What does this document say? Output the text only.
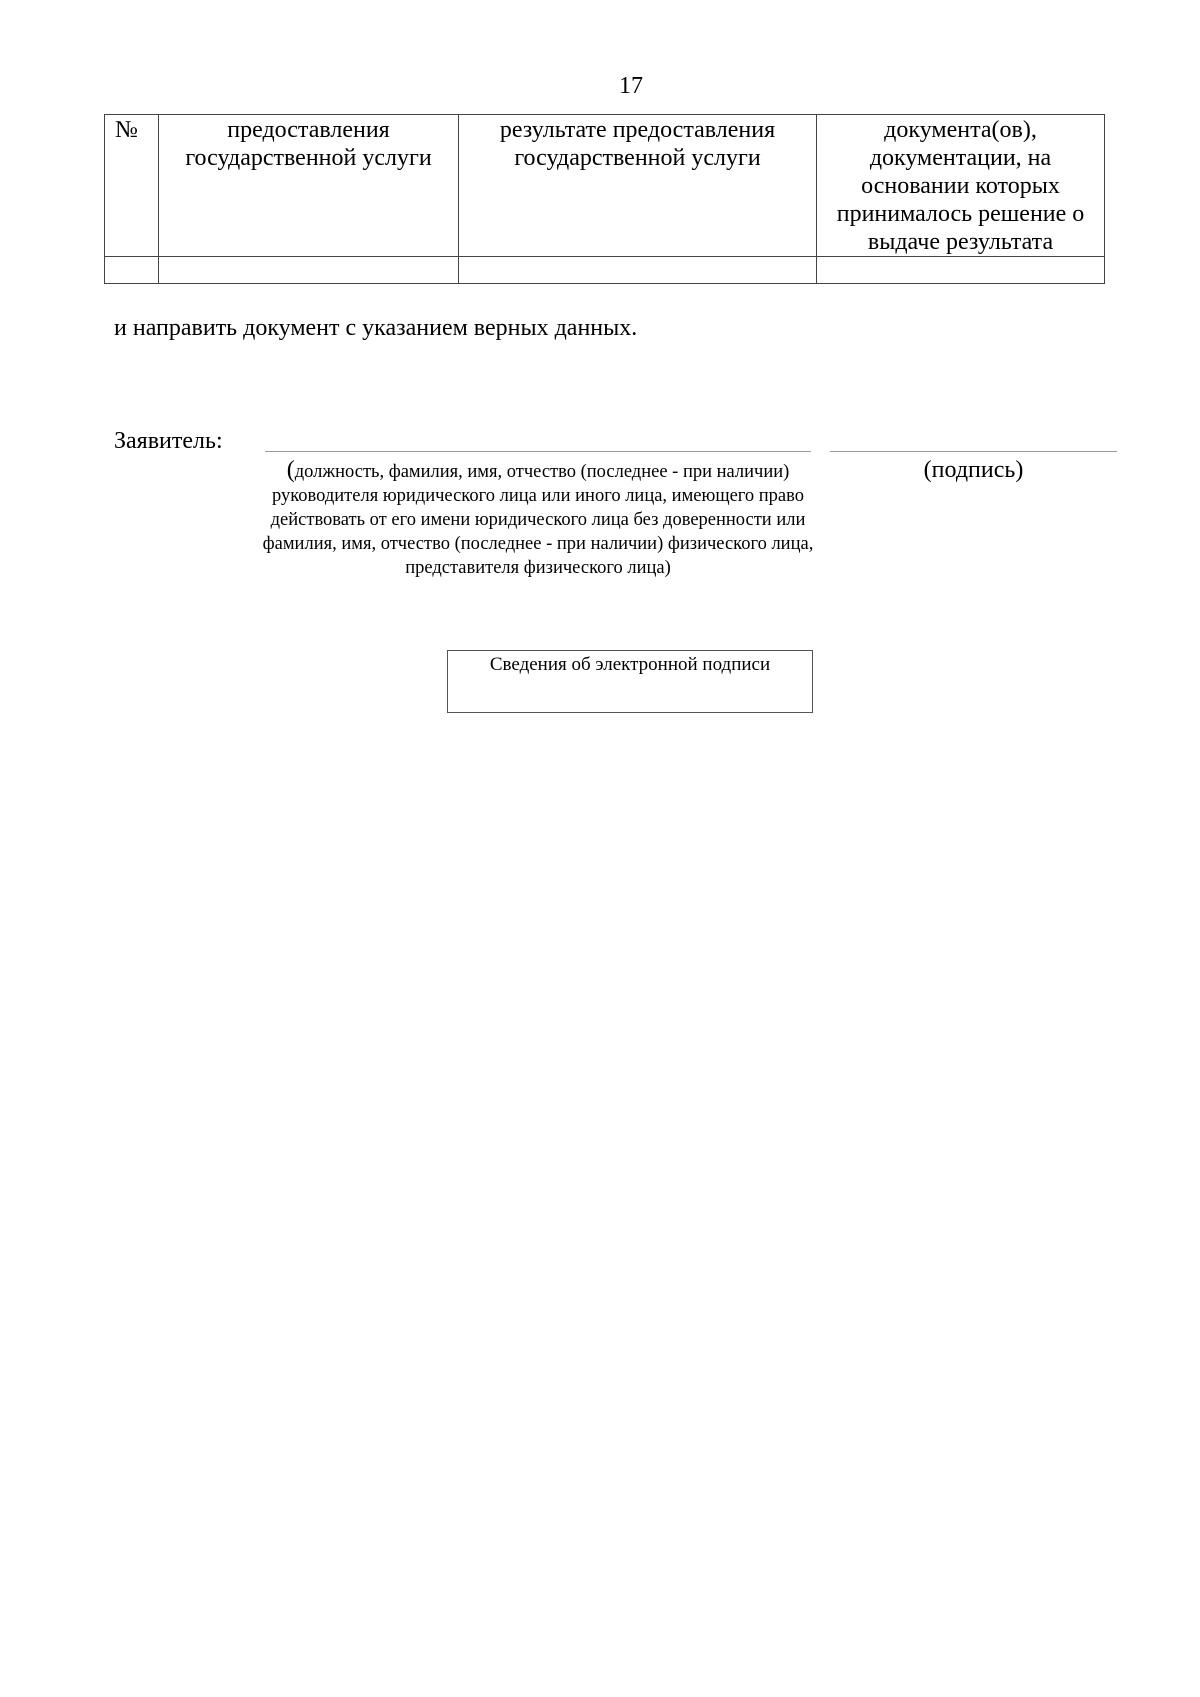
17
№	предоставления государственной услуги	результате предоставления государственной услуги	документа(ов), документации, на основании которых принималось решение о выдаче результата

и направить документ с указанием верных данных.
Заявитель:
(должность, фамилия, имя, отчество (последнее - при наличии) руководителя юридического лица или иного лица, имеющего право действовать от его имени юридического лица без доверенности или фамилия, имя, отчество (последнее - при наличии) физического лица, представителя физического лица)
(подпись)
Сведения об электронной подписи
